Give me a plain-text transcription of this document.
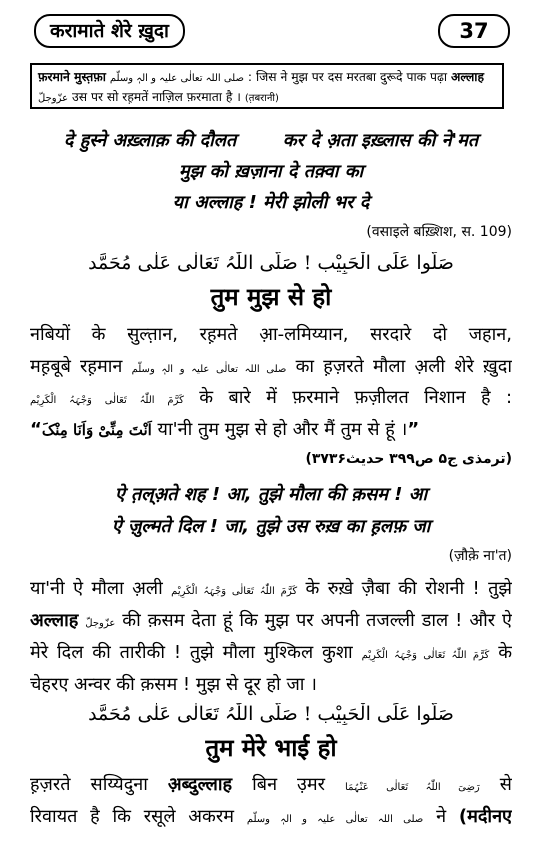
करामाते शेरे ख़ुदा	37
फ़रमाने मुस्त़फ़ा صلی اللہ تعالٰی علیہ و الہٖ وسلّم : जिस ने मुझ पर दस मरतबा दुरूदे पाक पढ़ा अल्लाह
عزّوجلّ उस पर सो रह़मतें नाज़िल फ़रमाता है । (त़बरानी)
दे हुस्ने अख़्लाक़ की दौलत	कर दे अ़ता इख़्लास की ने'मत
मुझ को ख़ज़ाना दे तक़्वा का
या अल्लाह ! मेरी झोली भर दे
(वसाइले बख़्शिश, स. 109)
صَلُّوا عَلَی الْحَبِیْب ! صَلَّی اللّٰہُ تَعَالٰی عَلٰی مُحَمَّد
तुम मुझ से हो
नबियों के सुल्त़ान, रह़मते आ़-लमिय्यान, सरदारे दो जहान,
मह़बूबे रह़मान صلی اللہ تعالٰی علیہ و الہٖ وسلّم का ह़ज़रते मौला अ़ली शेरे ख़ुदा
کَرَّمَ اللّٰہُ تَعَالٰی وَجْہَہُ الْکَرِیْم के बारे में फ़रमाने फ़ज़ीलत निशान है :
“اَنْتَ مِنِّیْ وَاَنَا مِنْکَ या'नी तुम मुझ से हो और मैं तुम से हूं ।”
(ترمذی ج۵ ص۳۹۹ حدیث۳۷۳۶)
ऐ त़ल्अ़ते शह ! आ, तुझे मौला की क़सम ! आ
ऐ ज़ुल्मते दिल ! जा, तुझे उस रुख़ का ह़लफ़ जा
(ज़ौक़े ना'त)
या'नी ऐ मौला अ़ली کَرَّمَ اللّٰہُ تَعَالٰی وَجْہَہُ الْکَرِیْم के रुख़े ज़ैबा की रोशनी ! तुझे
अल्लाह عزّوجلّ की क़सम देता हूं कि मुझ पर अपनी तजल्ली डाल ! और ऐ
मेरे दिल की तारीकी ! तुझे मौला मुश्किल कुशा کَرَّمَ اللّٰہُ تَعَالٰی وَجْہَہُ الْکَرِیْم के
चेहरए अन्वर की क़सम ! मुझ से दूर हो जा ।
صَلُّوا عَلَی الْحَبِیْب ! صَلَّی اللّٰہُ تَعَالٰی عَلٰی مُحَمَّد
तुम मेरे भाई हो
ह़ज़रते सय्यिदुना अ़ब्दुल्लाह बिन उ़मर رَضِیَ اللّٰہُ تَعَالٰی عَنْہُمَا से
रिवायत है कि रसूले अकरम صلی اللہ تعالٰی علیہ و الہٖ وسلّم ने (मदीनए
